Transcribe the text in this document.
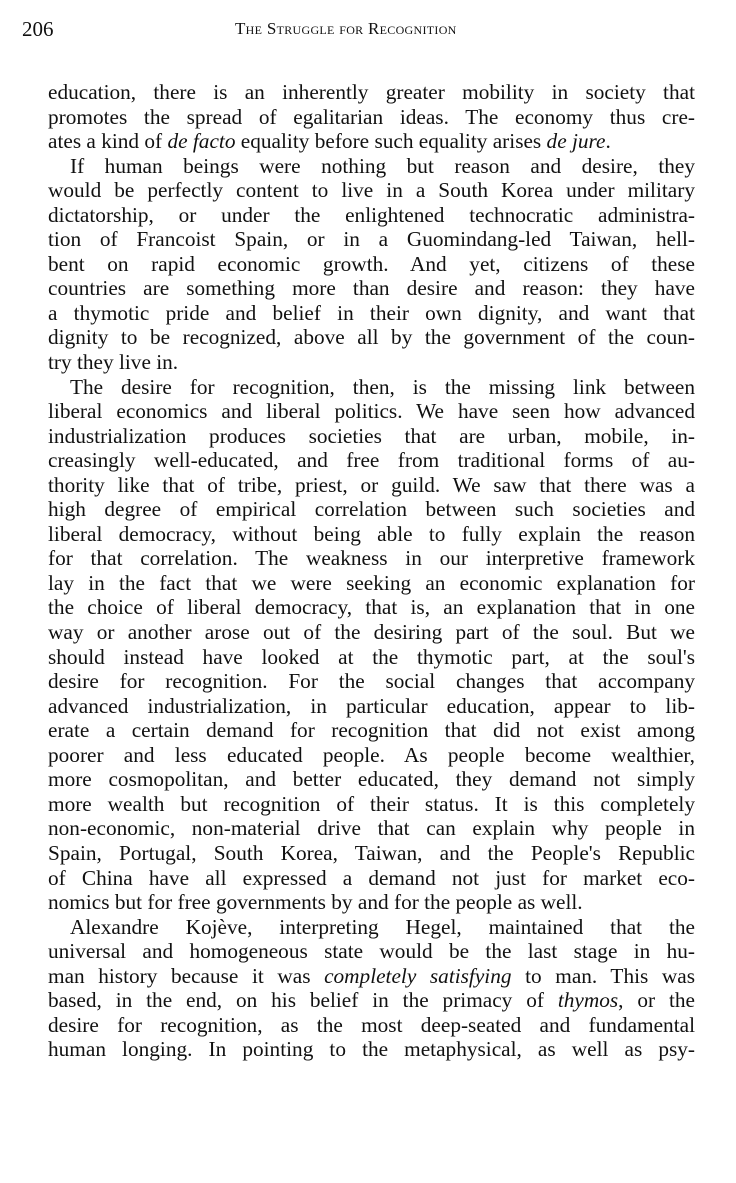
206	The Struggle for Recognition
education, there is an inherently greater mobility in society that
promotes the spread of egalitarian ideas. The economy thus cre-
ates a kind of de facto equality before such equality arises de jure.
If human beings were nothing but reason and desire, they
would be perfectly content to live in a South Korea under military
dictatorship, or under the enlightened technocratic administra-
tion of Francoist Spain, or in a Guomindang-led Taiwan, hell-
bent on rapid economic growth. And yet, citizens of these
countries are something more than desire and reason: they have
a thymotic pride and belief in their own dignity, and want that
dignity to be recognized, above all by the government of the coun-
try they live in.
The desire for recognition, then, is the missing link between
liberal economics and liberal politics. We have seen how advanced
industrialization produces societies that are urban, mobile, in-
creasingly well-educated, and free from traditional forms of au-
thority like that of tribe, priest, or guild. We saw that there was a
high degree of empirical correlation between such societies and
liberal democracy, without being able to fully explain the reason
for that correlation. The weakness in our interpretive framework
lay in the fact that we were seeking an economic explanation for
the choice of liberal democracy, that is, an explanation that in one
way or another arose out of the desiring part of the soul. But we
should instead have looked at the thymotic part, at the soul's
desire for recognition. For the social changes that accompany
advanced industrialization, in particular education, appear to lib-
erate a certain demand for recognition that did not exist among
poorer and less educated people. As people become wealthier,
more cosmopolitan, and better educated, they demand not simply
more wealth but recognition of their status. It is this completely
non-economic, non-material drive that can explain why people in
Spain, Portugal, South Korea, Taiwan, and the People's Republic
of China have all expressed a demand not just for market eco-
nomics but for free governments by and for the people as well.
Alexandre Kojève, interpreting Hegel, maintained that the
universal and homogeneous state would be the last stage in hu-
man history because it was completely satisfying to man. This was
based, in the end, on his belief in the primacy of thymos, or the
desire for recognition, as the most deep-seated and fundamental
human longing. In pointing to the metaphysical, as well as psy-
